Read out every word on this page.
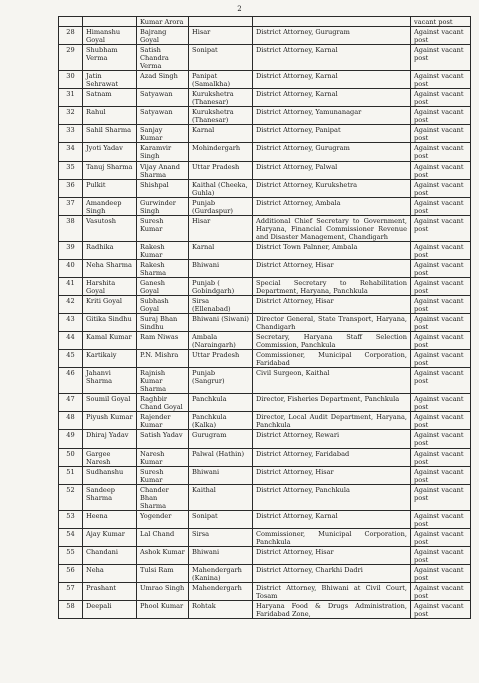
2
		Kumar Arora			vacant post
28	Himanshu Goyal	Bajrang Goyal	Hisar	District Attorney, Gurugram	Against vacant post
29	Shubham Verma	Satish Chandra Verma	Sonipat	District Attorney, Karnal	Against vacant post
30	Jatin Sehrawat	Azad Singh	Panipat (Samalkha)	District Attorney, Karnal	Against vacant post
31	Satnam	Satyawan	Kurukshetra (Thanesar)	District Attorney, Karnal	Against vacant post
32	Rahul	Satyawan	Kurukshetra (Thanesar)	District Attorney, Yamunanagar	Against vacant post
33	Sahil Sharma	Sanjay Kumar	Karnal	District Attorney, Panipat	Against vacant post
34	Jyoti Yadav	Karamvir Singh	Mohindergarh	District Attorney, Gurugram	Against vacant post
35	Tanuj Sharma	Vijay Anand Sharma	Uttar Pradesh	District Attorney, Palwal	Against vacant post
36	Pulkit	Shishpal	Kaithal (Cheeka, Guhla)	District Attorney, Kurukshetra	Against vacant post
37	Amandeep Singh	Gurwinder Singh	Punjab (Gurdaspur)	District Attorney, Ambala	Against vacant post
38	Vasutosh	Suresh Kumar	Hisar	Additional Chief Secretary to Government, Haryana, Financial Commissioner Revenue and Disaster Management, Chandigarh	Against vacant post
39	Radhika	Rakesh Kumar	Karnal	District Town Palnner, Ambala	Against vacant post
40	Neha Sharma	Rakesh Sharma	Bhiwani	District Attorney, Hisar	Against vacant post
41	Harshita Goyal	Ganesh Goyal	Punjab ( Gobindgarh)	Special Secretary to Rehabilitation Department, Haryana, Panchkula	Against vacant post
42	Kriti Goyal	Subhash Goyal	Sirsa (Ellenabad)	District Attorney, Hisar	Against vacant post
43	Gitika Sindhu	Suraj Bhan Sindhu	Bhiwani (Siwani)	Director General, State Transport, Haryana, Chandigarh	Against vacant post
44	Kamal Kumar	Ram Niwas	Ambala (Naraingarh)	Secretary, Haryana Staff Selection Commission, Panchkula	Against vacant post
45	Kartikaiy	P.N. Mishra	Uttar Pradesh	Commissioner, Municipal Corporation, Faridabad	Against vacant post
46	Jahanvi Sharma	Rajnish Kumar Sharma	Punjab (Sangrur)	Civil Surgeon, Kaithal	Against vacant post
47	Soumil Goyal	Raghbir Chand Goyal	Panchkula	Director, Fisheries Department, Panchkula	Against vacant post
48	Piyush Kumar	Rajender Kumar	Panchkula (Kalka)	Director, Local Audit Department, Haryana, Panchkula	Against vacant post
49	Dhiraj Yadav	Satish Yadav	Gurugram	District Attorney, Rewari	Against vacant post
50	Gargee Naresh	Naresh Kumar	Palwal (Hathin)	District Attorney, Faridabad	Against vacant post
51	Sudhanshu	Suresh Kumar	Bhiwani	District Attorney, Hisar	Against vacant post
52	Sandeep Sharma	Chander Bhan Sharma	Kaithal	District Attorney, Panchkula	Against vacant post
53	Heena	Yogender	Sonipat	District Attorney, Karnal	Against vacant post
54	Ajay Kumar	Lal Chand	Sirsa	Commissioner, Municipal Corporation, Panchkula	Against vacant post
55	Chandani	Ashok Kumar	Bhiwani	District Attorney, Hisar	Against vacant post
56	Neha	Tulsi Ram	Mahendergarh (Kanina)	District Attorney, Charkhi Dadri	Against vacant post
57	Prashant	Umrao Singh	Mahendergarh	District Attorney, Bhiwani at Civil Court, Tosam	Against vacant post
58	Deepali	Phool Kumar	Rohtak	Haryana Food & Drugs Administration, Faridabad Zone,	Against vacant post
